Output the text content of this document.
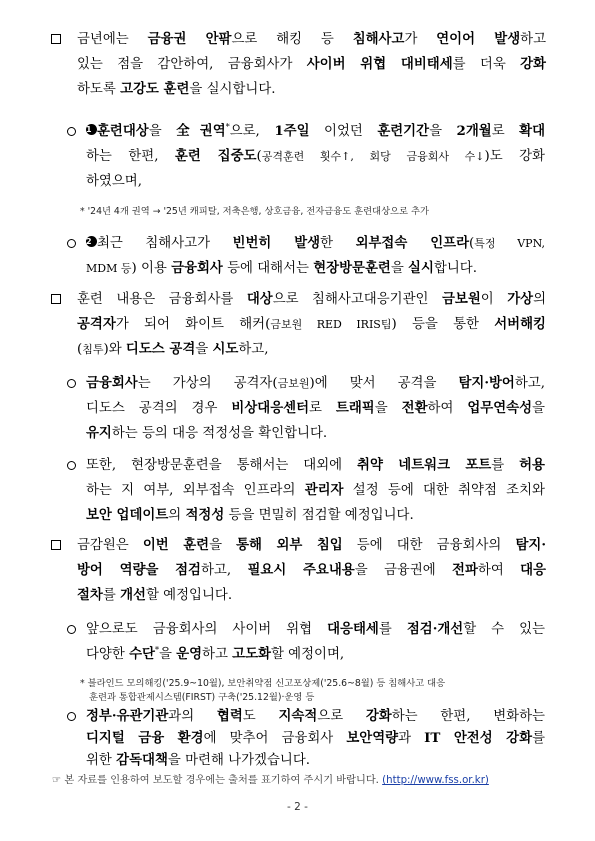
금년에는 금융권 안팎으로 해킹 등 침해사고가 연이어 발생하고
있는 점을 감안하여, 금융회사가 사이버 위협 대비태세를 더욱 강화
하도록 고강도 훈련을 실시합니다.
1 훈련대상을 全권역*으로, 1주일 이었던 훈련기간을 2개월로 확대
하는 한편, 훈련 집중도(공격훈련 횟수↑, 회당 금융회사 수↓)도 강화
하였으며,
* '24년 4개 권역 → '25년 캐피탈, 저축은행, 상호금융, 전자금융도 훈련대상으로 추가
2 최근 침해사고가 빈번히 발생한 외부접속 인프라(특정 VPN,
MDM 등) 이용 금융회사 등에 대해서는 현장방문훈련을 실시합니다.
훈련 내용은 금융회사를 대상으로 침해사고대응기관인 금보원이 가상의
공격자가 되어 화이트 해커(금보원 RED IRIS팀) 등을 통한 서버해킹
(침투)와 디도스 공격을 시도하고,
금융회사는 가상의 공격자(금보원)에 맞서 공격을 탐지·방어하고,
디도스 공격의 경우 비상대응센터로 트래픽을 전환하여 업무연속성을
유지하는 등의 대응 적정성을 확인합니다.
또한, 현장방문훈련을 통해서는 대외에 취약 네트워크 포트를 허용
하는 지 여부, 외부접속 인프라의 관리자 설정 등에 대한 취약점 조치와
보안 업데이트의 적정성 등을 면밀히 점검할 예정입니다.
금감원은 이번 훈련을 통해 외부 침입 등에 대한 금융회사의 탐지·
방어 역량을 점검하고, 필요시 주요내용을 금융권에 전파하여 대응
절차를 개선할 예정입니다.
앞으로도 금융회사의 사이버 위협 대응태세를 점검·개선할 수 있는
다양한 수단*을 운영하고 고도화할 예정이며,
* 블라인드 모의해킹('25.9~10월), 보안취약점 신고포상제('25.6~8월) 등 침해사고 대응
훈련과 통합관제시스템(FIRST) 구축('25.12월)·운영 등
정부·유관기관과의 협력도 지속적으로 강화하는 한편, 변화하는
디지털 금융 환경에 맞추어 금융회사 보안역량과 IT 안전성 강화를
위한 감독대책을 마련해 나가겠습니다.
☞ 본 자료를 인용하여 보도할 경우에는 출처를 표기하여 주시기 바랍니다. (http://www.fss.or.kr)
- 2 -
